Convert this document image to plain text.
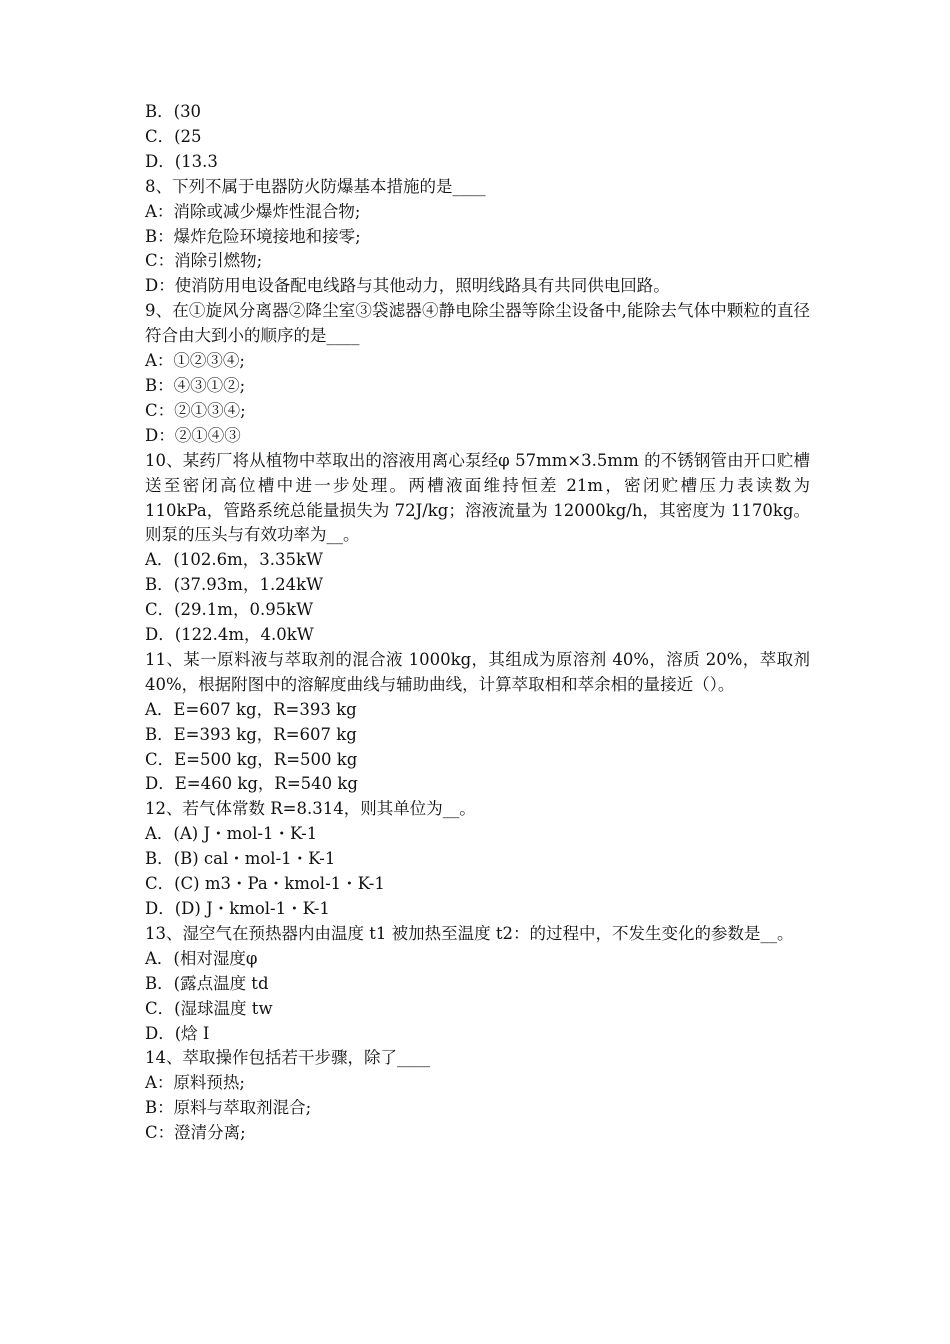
B．(30

C．(25

D．(13.3

8、下列不属于电器防火防爆基本措施的是____

A：消除或减少爆炸性混合物;

B：爆炸危险环境接地和接零;

C：消除引燃物;

D：使消防用电设备配电线路与其他动力，照明线路具有共同供电回路。

9、在①旋风分离器②降尘室③袋滤器④静电除尘器等除尘设备中,能除去气体中颗粒的直径符合由大到小的顺序的是____

A：①②③④;

B：④③①②;

C：②①③④;

D：②①④③

10、某药厂将从植物中萃取出的溶液用离心泵经φ 57mm×3.5mm 的不锈钢管由开口贮槽送至密闭高位槽中进一步处理。两槽液面维持恒差 21m，密闭贮槽压力表读数为 110kPa，管路系统总能量损失为 72J/kg；溶液流量为 12000kg/h，其密度为 1170kg。则泵的压头与有效功率为__。

A．(102.6m，3.35kW

B．(37.93m，1.24kW

C．(29.1m，0.95kW

D．(122.4m，4.0kW

11、某一原料液与萃取剂的混合液 1000kg，其组成为原溶剂 40%，溶质 20%，萃取剂 40%，根据附图中的溶解度曲线与辅助曲线，计算萃取相和萃余相的量接近（）。

A．E=607 kg，R=393 kg

B．E=393 kg，R=607 kg

C．E=500 kg，R=500 kg

D．E=460 kg，R=540 kg

12、若气体常数 R=8.314，则其单位为__。

A．(A) J・mol-1・K-1

B．(B) cal・mol-1・K-1

C．(C) m3・Pa・kmol-1・K-1

D．(D) J・kmol-1・K-1

13、湿空气在预热器内由温度 t1 被加热至温度 t2：的过程中，不发生变化的参数是__。

A．(相对湿度φ

B．(露点温度 td

C．(湿球温度 tw

D．(焓 I

14、萃取操作包括若干步骤，除了____

A：原料预热;

B：原料与萃取剂混合;

C：澄清分离;
